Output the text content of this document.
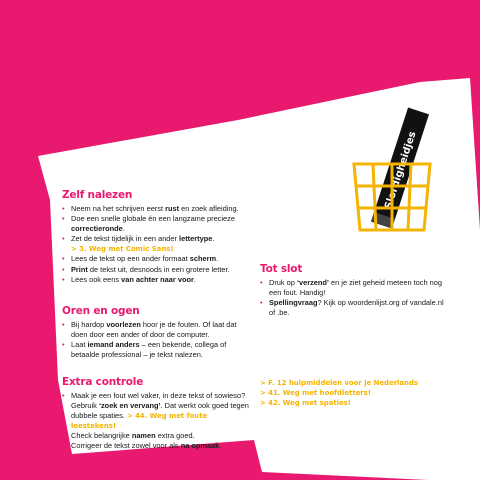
Slordigheidjes
Zelf nalezen
• Neem na het schrijven eerst rust en zoek afleiding.
• Doe een snelle globale én een langzame precieze correctieronde.
• Zet de tekst tijdelijk in een ander lettertype.
> 3. Weg met Comic Sans!
• Lees de tekst op een ander formaat scherm.
• Print de tekst uit, desnoods in een grotere letter.
• Lees ook eens van achter naar voor.
Oren en ogen
• Bij hardop voorlezen hoor je de fouten. Of laat dat doen door een ander of door de computer.
• Laat iemand anders – een bekende, collega of betaalde professional – je tekst nalezen.
Extra controle
• Maak je een fout wel vaker, in deze tekst of sowieso? Gebruik ‘zoek en vervang’. Dat werkt ook goed tegen dubbele spaties. > 44. Weg met foute leestekens!
• Check belangrijke namen extra goed.
• Corrigeer de tekst zowel voor als na opmaak.
Tot slot
• Druk op ‘verzend’ en je ziet geheid meteen toch nog een fout. Handig!
• Spellingvraag? Kijk op woordenlijst.org of vandale.nl of .be.
> F. 12 hulpmiddelen voor je Nederlands
> 41. Weg met hoofdletters!
> 42. Weg met spaties!
113
